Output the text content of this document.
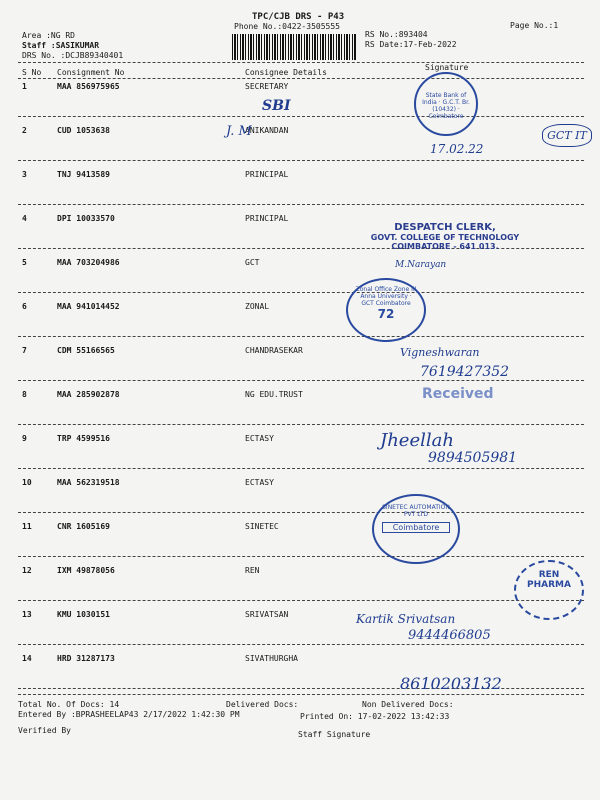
TPC/CJB DRS - P43
Phone No.:0422-3505555
Area :NG RD
Staff :SASIKUMAR
DRS No. :DCJB89340401
RS No.:893404
RS Date:17-Feb-2022
Page No.:1
S No Consignment No	Consignee Details
Signature
1	MAA 856975965	SECRETARY
2	CUD 1053638	ANIKANDAN
3	TNJ 9413589	PRINCIPAL
4	DPI 10033570	PRINCIPAL
5	MAA 703204986	GCT
6	MAA 941014452	ZONAL
7	CDM 55166565	CHANDRASEKAR
8	MAA 285902878	NG EDU.TRUST
9	TRP 4599516	ECTASY
10	MAA 562319518	ECTASY
11	CNR 1605169	SINETEC
12	IXM 49878056	REN
13	KMU 1030151	SRIVATSAN
14	HRD 31287173	SIVATHURGHA
SBI
State Bank of India · G.C.T. Br. (10432) · Coimbatore
J. M
17.02.22
GCT IT
DESPATCH CLERK,
GOVT. COLLEGE OF TECHNOLOGY
COIMBATORE - 641 013.
M.Narayan
Zonal Office Zone III Anna University · GCT Coimbatore
72
Vigneshwaran
7619427352
Received
Jheellah
9894505981
SINETEC AUTOMATION PVT LTD
Coimbatore
REN PHARMA
Kartik Srivatsan
9444466805
8610203132
Total No. Of Docs: 14	Delivered Docs:	Non Delivered Docs:
Entered By :BPRASHEELAP43 2/17/2022 1:42:30 PM	Printed On: 17-02-2022 13:42:33
Verified By	Staff Signature
